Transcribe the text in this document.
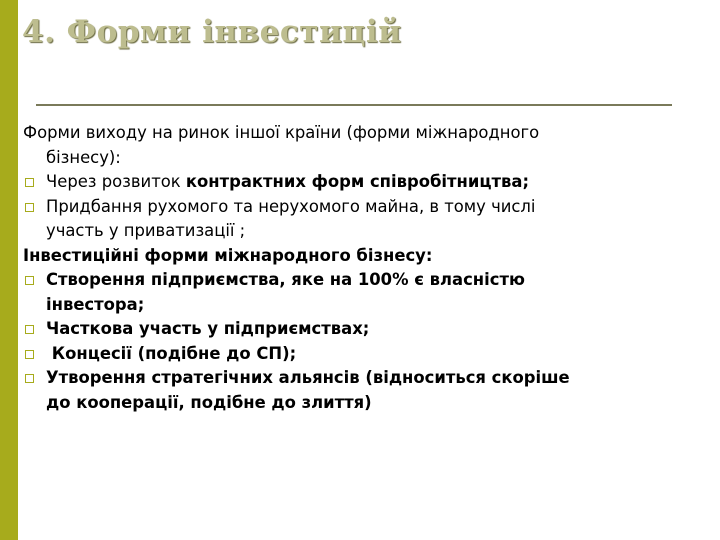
4. Форми інвестицій
Форми виходу на ринок іншої країни (форми міжнародного
бізнесу):
Через розвиток контрактних форм співробітництва;
Придбання рухомого та нерухомого майна, в тому числі
участь у приватизації ;
Інвестиційні форми міжнародного бізнесу:
Створення підприємства, яке на 100% є власністю
інвестора;
Часткова участь у підприємствах;
Концесії (подібне до СП);
Утворення стратегічних альянсів (відноситься скоріше
до кооперації, подібне до злиття)
